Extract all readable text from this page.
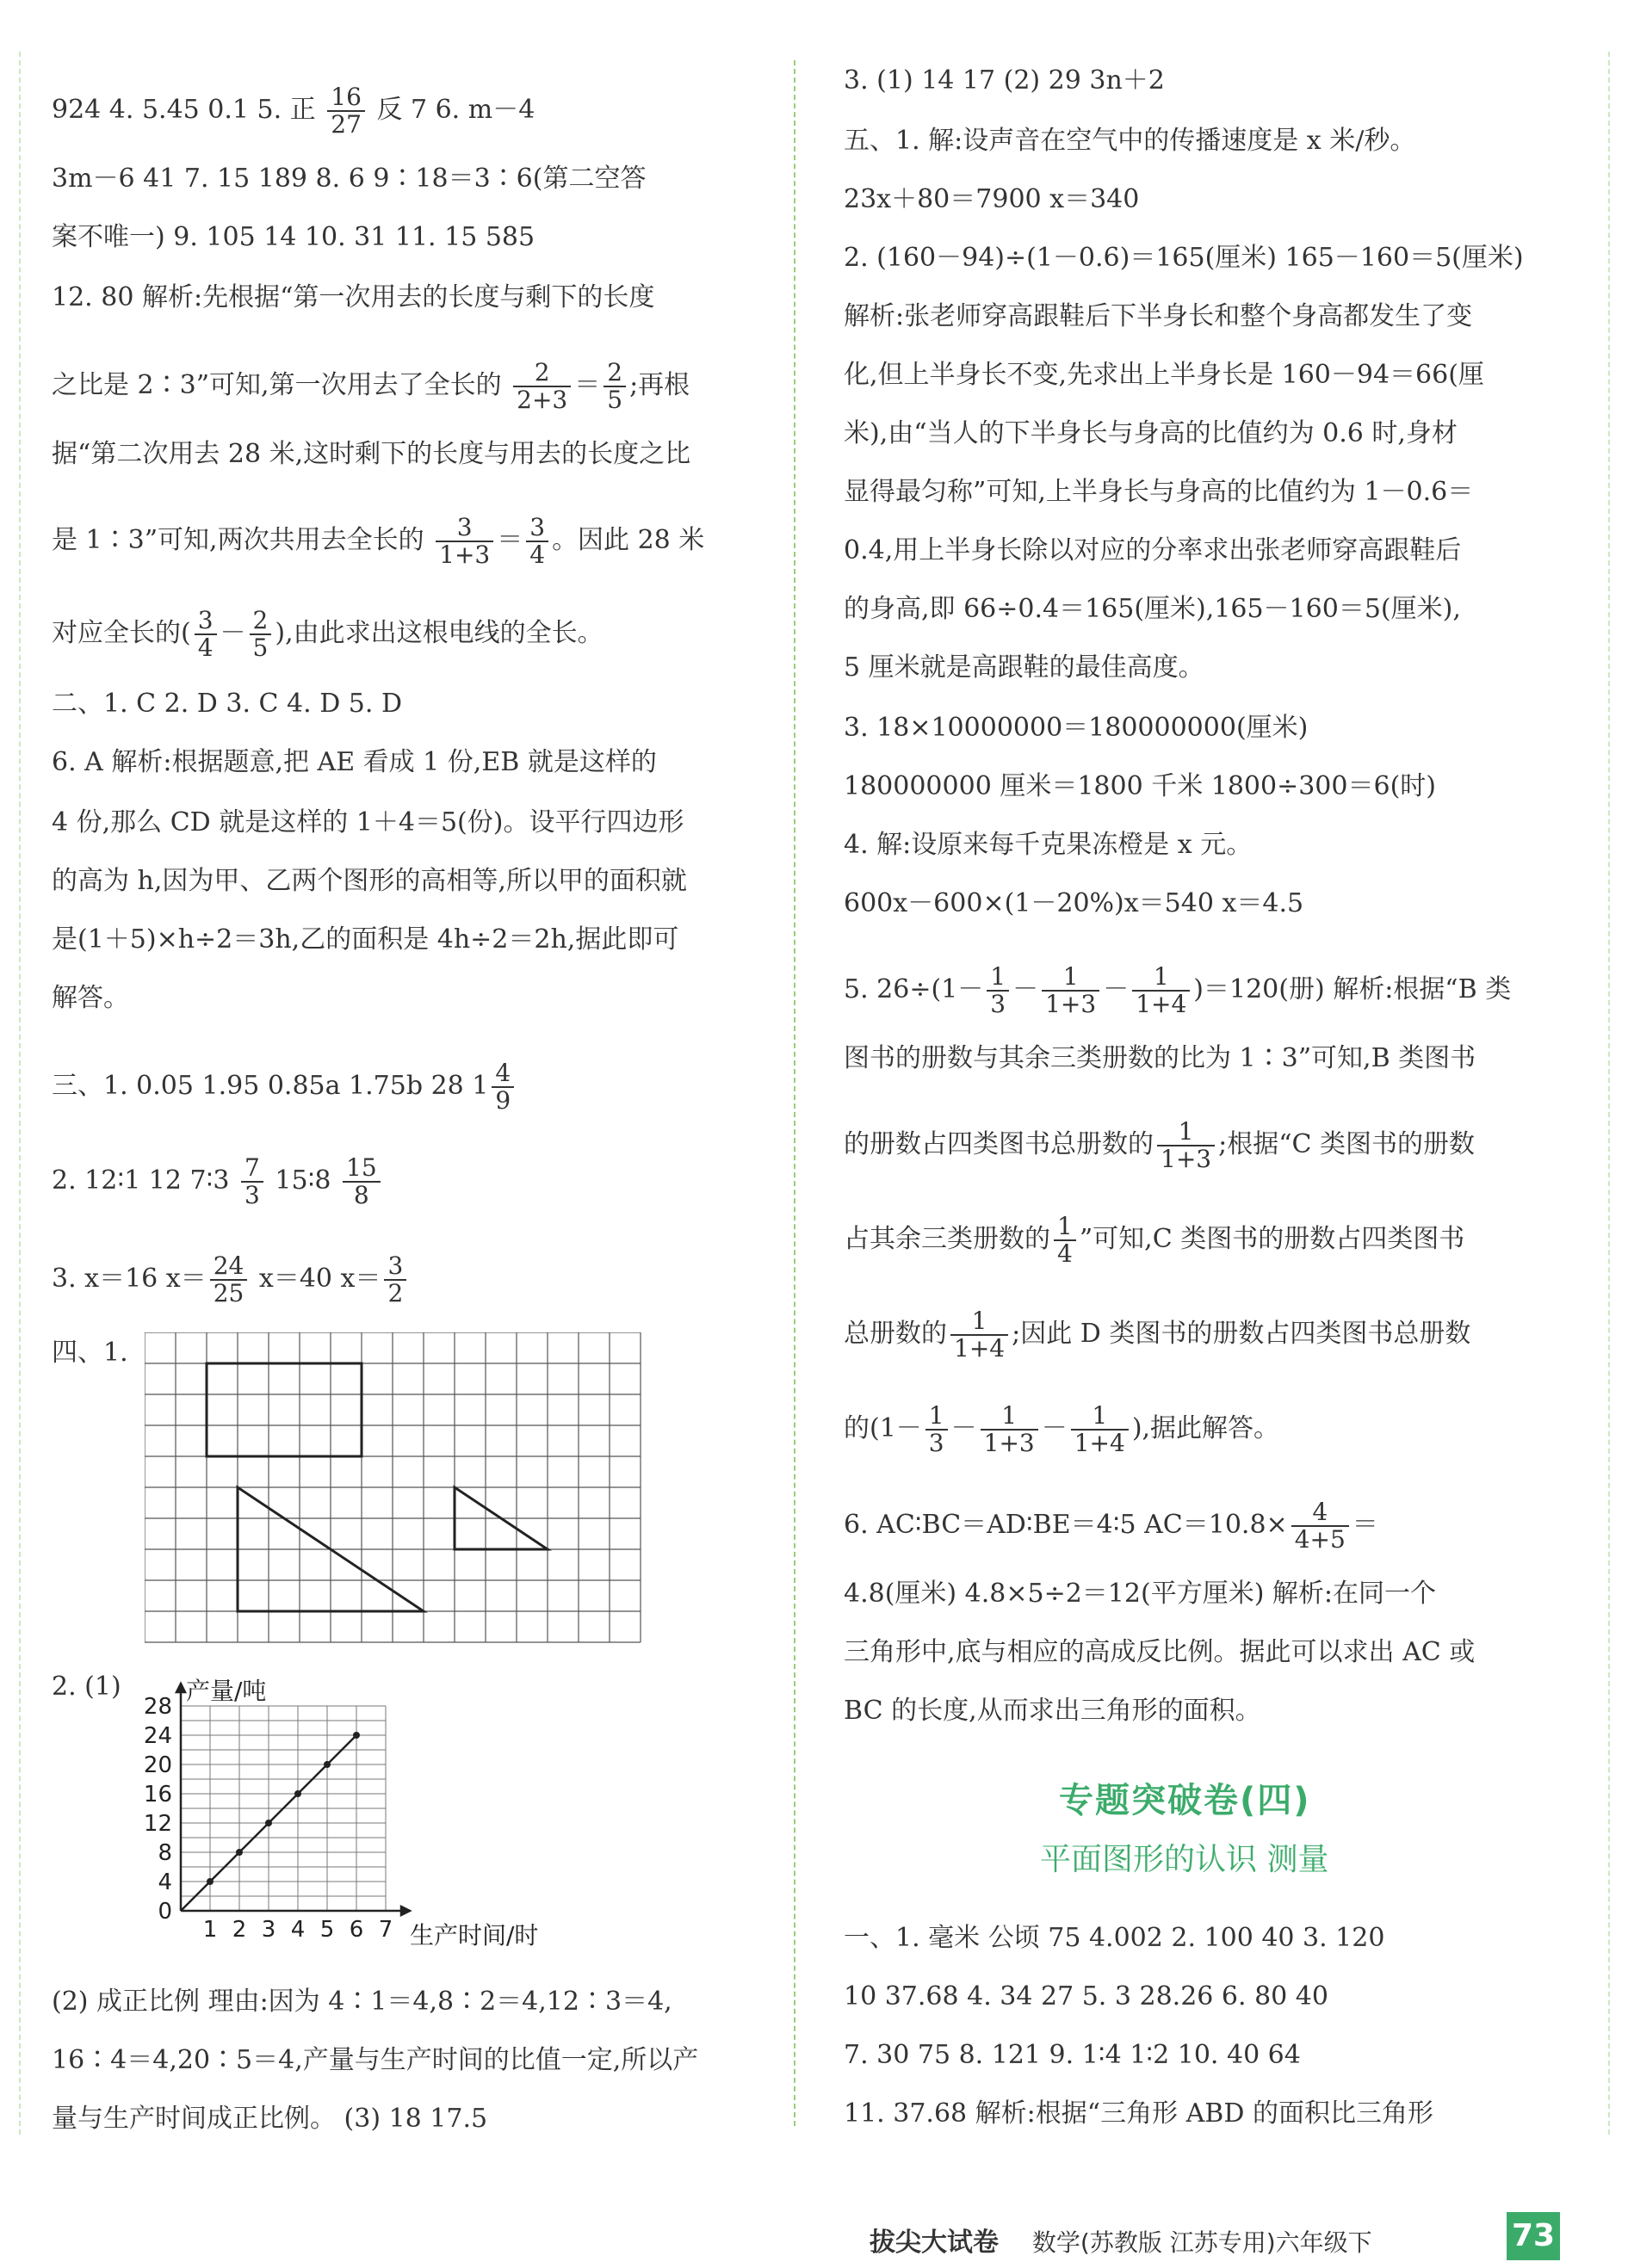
924 4. 5.45 0.1 5. 正 $\frac{16}{27}$ 反 7 6. m－4
3m－6 41 7. 15 189 8. 6 9∶18＝3∶6(第二空答
案不唯一) 9. 105 14 10. 31 11. 15 585
12. 80 解析:先根据“第一次用去的长度与剩下的长度
之比是 2∶3”可知,第一次用去了全长的 $\frac{2}{2+3} = \frac{2}{5}$ ;再根
据“第二次用去 28 米,这时剩下的长度与用去的长度之比
是 1∶3”可知,两次共用去全长的 $\frac{3}{1+3} = \frac{3}{4}$ 。因此 28 米
对应全长的( $\frac{3}{4} - \frac{2}{5}$ ),由此求出这根电线的全长。
二、1. C 2. D 3. C 4. D 5. D
6. A 解析:根据题意,把 AE 看成 1 份,EB 就是这样的
4 份,那么 CD 就是这样的 1＋4＝5(份)。设平行四边形
的高为 h,因为甲、乙两个图形的高相等,所以甲的面积就
是(1＋5)×h÷2＝3h,乙的面积是 4h÷2＝2h,据此即可
解答。
三、1. 0.05 1.95 0.85a 1.75b 28 $1 \frac{4}{9}$
2. 12∶1 12 7∶3 $\frac{7}{3}$ 15∶8 $\frac{15}{8}$
3. x＝16 $x= \frac{24}{25} x=40$ $x= \frac{3}{2}$
四、1.
2. (1)
(2) 成正比例 理由:因为 4∶1＝4,8∶2＝4,12∶3＝4,
16∶4＝4,20∶5＝4,产量与生产时间的比值一定,所以产
量与生产时间成正比例。 (3) 18 17.5
1 2 3 4 5 6 7
0
4
8
12
16
20
24
28
产量/吨
生产时间/时
3. (1) 14 17 (2) 29 3n＋2
五、1. 解:设声音在空气中的传播速度是 x 米/秒。
23x＋80＝7900 x＝340
2. (160－94)÷(1－0.6)＝165(厘米) 165－160＝5(厘米)
解析:张老师穿高跟鞋后下半身长和整个身高都发生了变
化,但上半身长不变,先求出上半身长是 160－94＝66(厘
米),由“当人的下半身长与身高的比值约为 0.6 时,身材
显得最匀称”可知,上半身长与身高的比值约为 1－0.6＝
0.4,用上半身长除以对应的分率求出张老师穿高跟鞋后
的身高,即 66÷0.4＝165(厘米),165－160＝5(厘米),
5 厘米就是高跟鞋的最佳高度。
3. 18×10000000＝180000000(厘米)
180000000 厘米＝1800 千米 1800÷300＝6(时)
4. 解:设原来每千克果冻橙是 x 元。
600x－600×(1－20%)x＝540 x＝4.5
5. $26\div(1- \frac{1}{3} - \frac{1}{1+3} - \frac{1}{1+4} )=120$(册) 解析:根据“B 类
图书的册数与其余三类册数的比为 1∶3”可知,B 类图书
的册数占四类图书总册数的 $\frac{1}{1+3}$ ;根据“C 类图书的册数
占其余三类册数的 $\frac{1}{4}$ ”可知,C 类图书的册数占四类图书
总册数的 $\frac{1}{1+4}$ ;因此 D 类图书的册数占四类图书总册数
的($1- \frac{1}{3} - \frac{1}{1+3} - \frac{1}{1+4}$ ),据此解答。
6. AC∶BC＝AD∶BE＝4∶5 $AC=10.8\times \frac{4}{4+5}$ ＝
4.8(厘米) 4.8×5÷2＝12(平方厘米) 解析:在同一个
三角形中,底与相应的高成反比例。据此可以求出 AC 或
BC 的长度,从而求出三角形的面积。
一、1. 毫米 公顷 75 4.002 2. 100 40 3. 120
10 37.68 4. 34 27 5. 3 28.26 6. 80 40
7. 30 75 8. 121 9. 1∶4 1∶2 10. 40 64
11. 37.68 解析:根据“三角形 ABD 的面积比三角形
专题突破卷(四)
平面图形的认识 测量
拔尖大试卷 数学(苏教版 江苏专用)六年级下	73
